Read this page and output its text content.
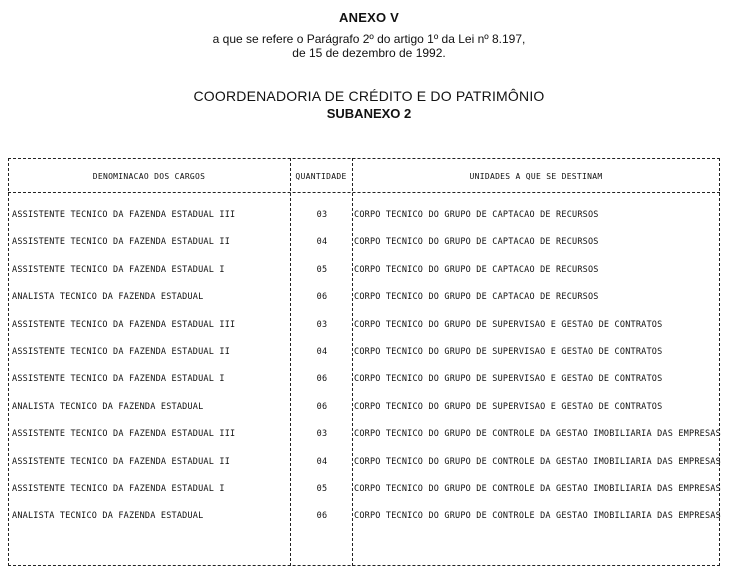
ANEXO V
a que se refere o Parágrafo 2º do artigo 1º da Lei nº 8.197,
de 15 de dezembro de 1992.
COORDENADORIA DE CRÉDITO E DO PATRIMÔNIO
SUBANEXO 2
DENOMINACAO DOS CARGOS	QUANTIDADE	UNIDADES A QUE SE DESTINAM
ASSISTENTE TECNICO DA FAZENDA ESTADUAL III	03	CORPO TECNICO DO GRUPO DE CAPTACAO DE RECURSOS
ASSISTENTE TECNICO DA FAZENDA ESTADUAL II	04	CORPO TECNICO DO GRUPO DE CAPTACAO DE RECURSOS
ASSISTENTE TECNICO DA FAZENDA ESTADUAL I	05	CORPO TECNICO DO GRUPO DE CAPTACAO DE RECURSOS
ANALISTA TECNICO DA FAZENDA ESTADUAL	06	CORPO TECNICO DO GRUPO DE CAPTACAO DE RECURSOS
ASSISTENTE TECNICO DA FAZENDA ESTADUAL III	03	CORPO TECNICO DO GRUPO DE SUPERVISAO E GESTAO DE CONTRATOS
ASSISTENTE TECNICO DA FAZENDA ESTADUAL II	04	CORPO TECNICO DO GRUPO DE SUPERVISAO E GESTAO DE CONTRATOS
ASSISTENTE TECNICO DA FAZENDA ESTADUAL I	06	CORPO TECNICO DO GRUPO DE SUPERVISAO E GESTAO DE CONTRATOS
ANALISTA TECNICO DA FAZENDA ESTADUAL	06	CORPO TECNICO DO GRUPO DE SUPERVISAO E GESTAO DE CONTRATOS
ASSISTENTE TECNICO DA FAZENDA ESTADUAL III	03	CORPO TECNICO DO GRUPO DE CONTROLE DA GESTAO IMOBILIARIA DAS EMPRESAS
ASSISTENTE TECNICO DA FAZENDA ESTADUAL II	04	CORPO TECNICO DO GRUPO DE CONTROLE DA GESTAO IMOBILIARIA DAS EMPRESAS
ASSISTENTE TECNICO DA FAZENDA ESTADUAL I	05	CORPO TECNICO DO GRUPO DE CONTROLE DA GESTAO IMOBILIARIA DAS EMPRESAS
ANALISTA TECNICO DA FAZENDA ESTADUAL	06	CORPO TECNICO DO GRUPO DE CONTROLE DA GESTAO IMOBILIARIA DAS EMPRESAS
